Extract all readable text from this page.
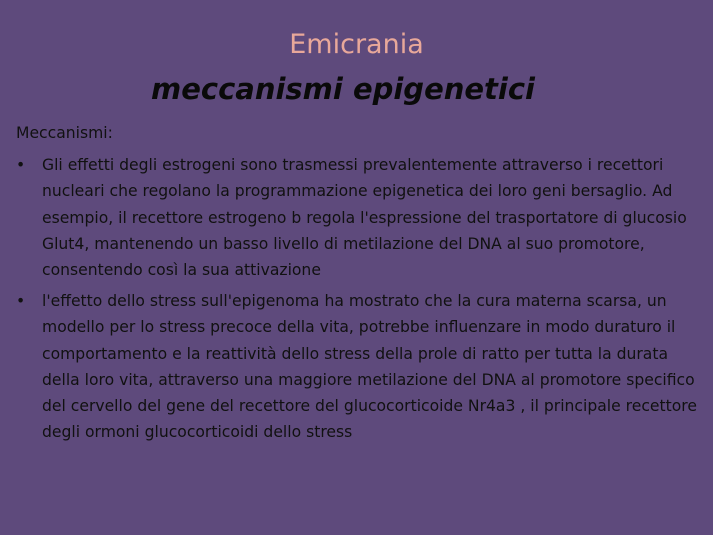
Emicrania
meccanismi epigenetici

Meccanismi:

•	Gli effetti degli estrogeni sono trasmessi prevalentemente attraverso i recettori nucleari che regolano la programmazione epigenetica dei loro geni bersaglio. Ad esempio, il recettore estrogeno b regola l'espressione del trasportatore di glucosio Glut4, mantenendo un basso livello di metilazione del DNA al suo promotore, consentendo così la sua attivazione
•	l'effetto dello stress sull'epigenoma ha mostrato che la cura materna scarsa, un modello per lo stress precoce della vita, potrebbe influenzare in modo duraturo il comportamento e la reattività dello stress della prole di ratto per tutta la durata della loro vita, attraverso una maggiore metilazione del DNA al promotore specifico del cervello del gene del recettore del glucocorticoide Nr4a3 , il principale recettore degli ormoni glucocorticoidi dello stress
